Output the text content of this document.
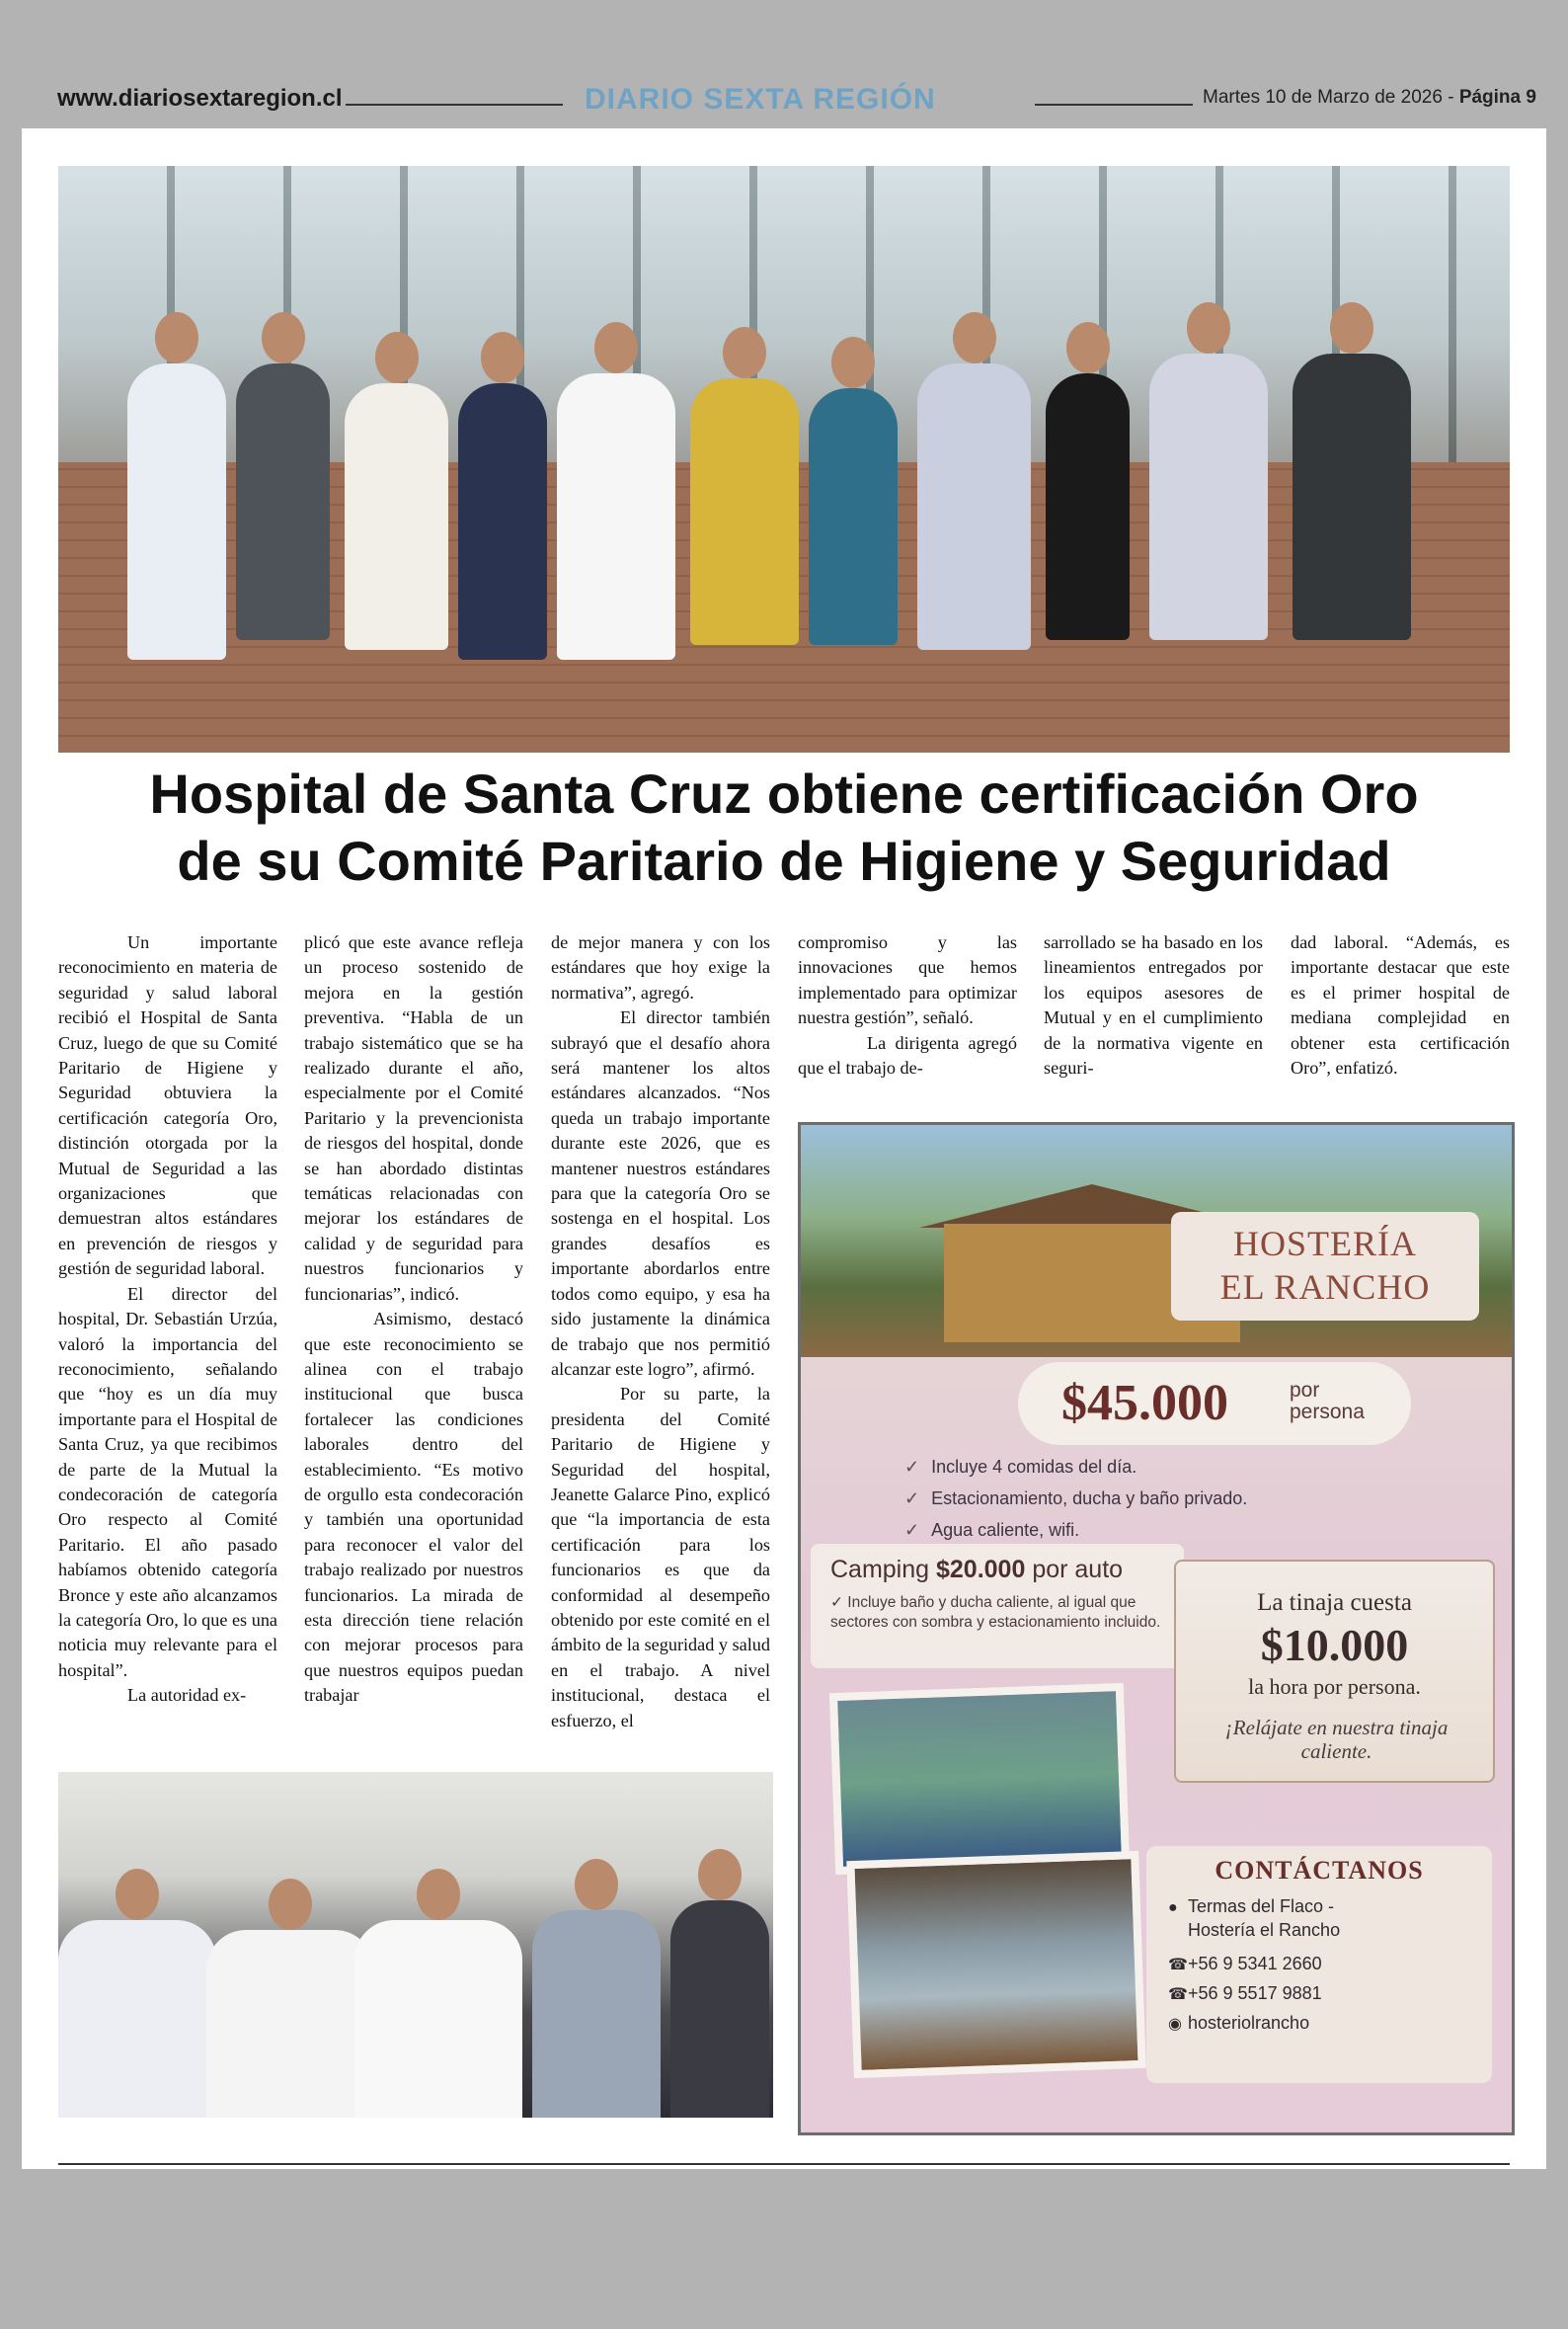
www.diariosextaregion.cl	DIARIO SEXTA REGIÓN	Martes 10 de Marzo de 2026 - Página 9
Hospital de Santa Cruz obtiene certificación Oro
de su Comité Paritario de Higiene y Seguridad

Un importante reconocimiento en materia de seguridad y salud laboral recibió el Hospital de Santa Cruz, luego de que su Comité Paritario de Higiene y Seguridad obtuviera la certificación categoría Oro, distinción otorgada por la Mutual de Seguridad a las organizaciones que demuestran altos estándares en prevención de riesgos y gestión de seguridad laboral.

El director del hospital, Dr. Sebastián Urzúa, valoró la importancia del reconocimiento, señalando que “hoy es un día muy importante para el Hospital de Santa Cruz, ya que recibimos de parte de la Mutual la condecoración de categoría Oro respecto al Comité Paritario. El año pasado habíamos obtenido categoría Bronce y este año alcanzamos la categoría Oro, lo que es una noticia muy relevante para el hospital”.

La autoridad ex-

plicó que este avance refleja un proceso sostenido de mejora en la gestión preventiva. “Habla de un trabajo sistemático que se ha realizado durante el año, especialmente por el Comité Paritario y la prevencionista de riesgos del hospital, donde se han abordado distintas temáticas relacionadas con mejorar los estándares de calidad y de seguridad para nuestros funcionarios y funcionarias”, indicó.

Asimismo, destacó que este reconocimiento se alinea con el trabajo institucional que busca fortalecer las condiciones laborales dentro del establecimiento. “Es motivo de orgullo esta condecoración y también una oportunidad para reconocer el valor del trabajo realizado por nuestros funcionarios. La mirada de esta dirección tiene relación con mejorar procesos para que nuestros equipos puedan trabajar

de mejor manera y con los estándares que hoy exige la normativa”, agregó.

El director también subrayó que el desafío ahora será mantener los altos estándares alcanzados. “Nos queda un trabajo importante durante este 2026, que es mantener nuestros estándares para que la categoría Oro se sostenga en el hospital. Los grandes desafíos es importante abordarlos entre todos como equipo, y esa ha sido justamente la dinámica de trabajo que nos permitió alcanzar este logro”, afirmó.

Por su parte, la presidenta del Comité Paritario de Higiene y Seguridad del hospital, Jeanette Galarce Pino, explicó que “la importancia de esta certificación para los funcionarios es que da conformidad al desempeño obtenido por este comité en el ámbito de la seguridad y salud en el trabajo. A nivel institucional, destaca el esfuerzo, el

compromiso y las innovaciones que hemos implementado para optimizar nuestra gestión”, señaló.

La dirigenta agregó que el trabajo de-

sarrollado se ha basado en los lineamientos entregados por los equipos asesores de Mutual y en el cumplimiento de la normativa vigente en seguri-

dad laboral. “Además, es importante destacar que este es el primer hospital de mediana complejidad en obtener esta certificación Oro”, enfatizó.

HOSTERÍA
EL RANCHO
$45.000	por
persona
✓ Incluye 4 comidas del día.
✓ Estacionamiento, ducha y baño privado.
✓ Agua caliente, wifi.
Camping $20.000 por auto
✓ Incluye baño y ducha caliente, al igual que sectores con sombra y estacionamiento incluido.
La tinaja cuesta
$10.000
la hora por persona.
¡Relájate en nuestra tinaja caliente.
CONTÁCTANOS
● Termas del Flaco -
Hostería el Rancho
☎+56 9 5341 2660
☎+56 9 5517 9881
◉ hosteriolrancho
